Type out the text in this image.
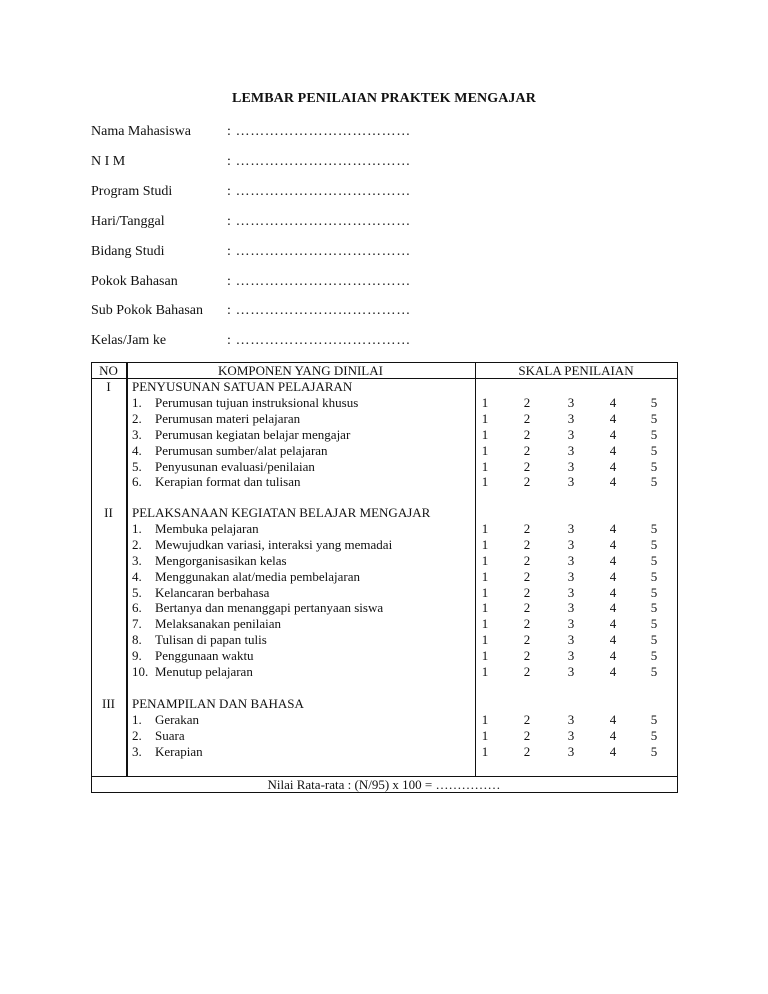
LEMBAR PENILAIAN PRAKTEK MENGAJAR
Nama Mahasiswa	: ………………………………
N I M	: ………………………………
Program Studi	: ………………………………
Hari/Tanggal	: ………………………………
Bidang Studi	: ………………………………
Pokok Bahasan	: ………………………………
Sub Pokok Bahasan : ………………………………
Kelas/Jam ke	: ………………………………
NO	KOMPONEN YANG DINILAI	SKALA PENILAIAN
I	PENYUSUNAN SATUAN PELAJARAN
1. Perumusan tujuan instruksional khusus	1	2	3	4	5
2. Perumusan materi pelajaran	1	2	3	4	5
3. Perumusan kegiatan belajar mengajar	1	2	3	4	5
4. Perumusan sumber/alat pelajaran	1	2	3	4	5
5. Penyusunan evaluasi/penilaian	1	2	3	4	5
6. Kerapian format dan tulisan	1	2	3	4	5
II	PELAKSANAAN KEGIATAN BELAJAR MENGAJAR
1. Membuka pelajaran	1	2	3	4	5
2. Mewujudkan variasi, interaksi yang memadai	1	2	3	4	5
3. Mengorganisasikan kelas	1	2	3	4	5
4. Menggunakan alat/media pembelajaran	1	2	3	4	5
5. Kelancaran berbahasa	1	2	3	4	5
6. Bertanya dan menanggapi pertanyaan siswa	1	2	3	4	5
7. Melaksanakan penilaian	1	2	3	4	5
8. Tulisan di papan tulis	1	2	3	4	5
9. Penggunaan waktu	1	2	3	4	5
10. Menutup pelajaran	1	2	3	4	5
III	PENAMPILAN DAN BAHASA
1. Gerakan	1	2	3	4	5
2. Suara	1	2	3	4	5
3. Kerapian	1	2	3	4	5
Nilai Rata-rata : (N/95) x 100 = ……………
